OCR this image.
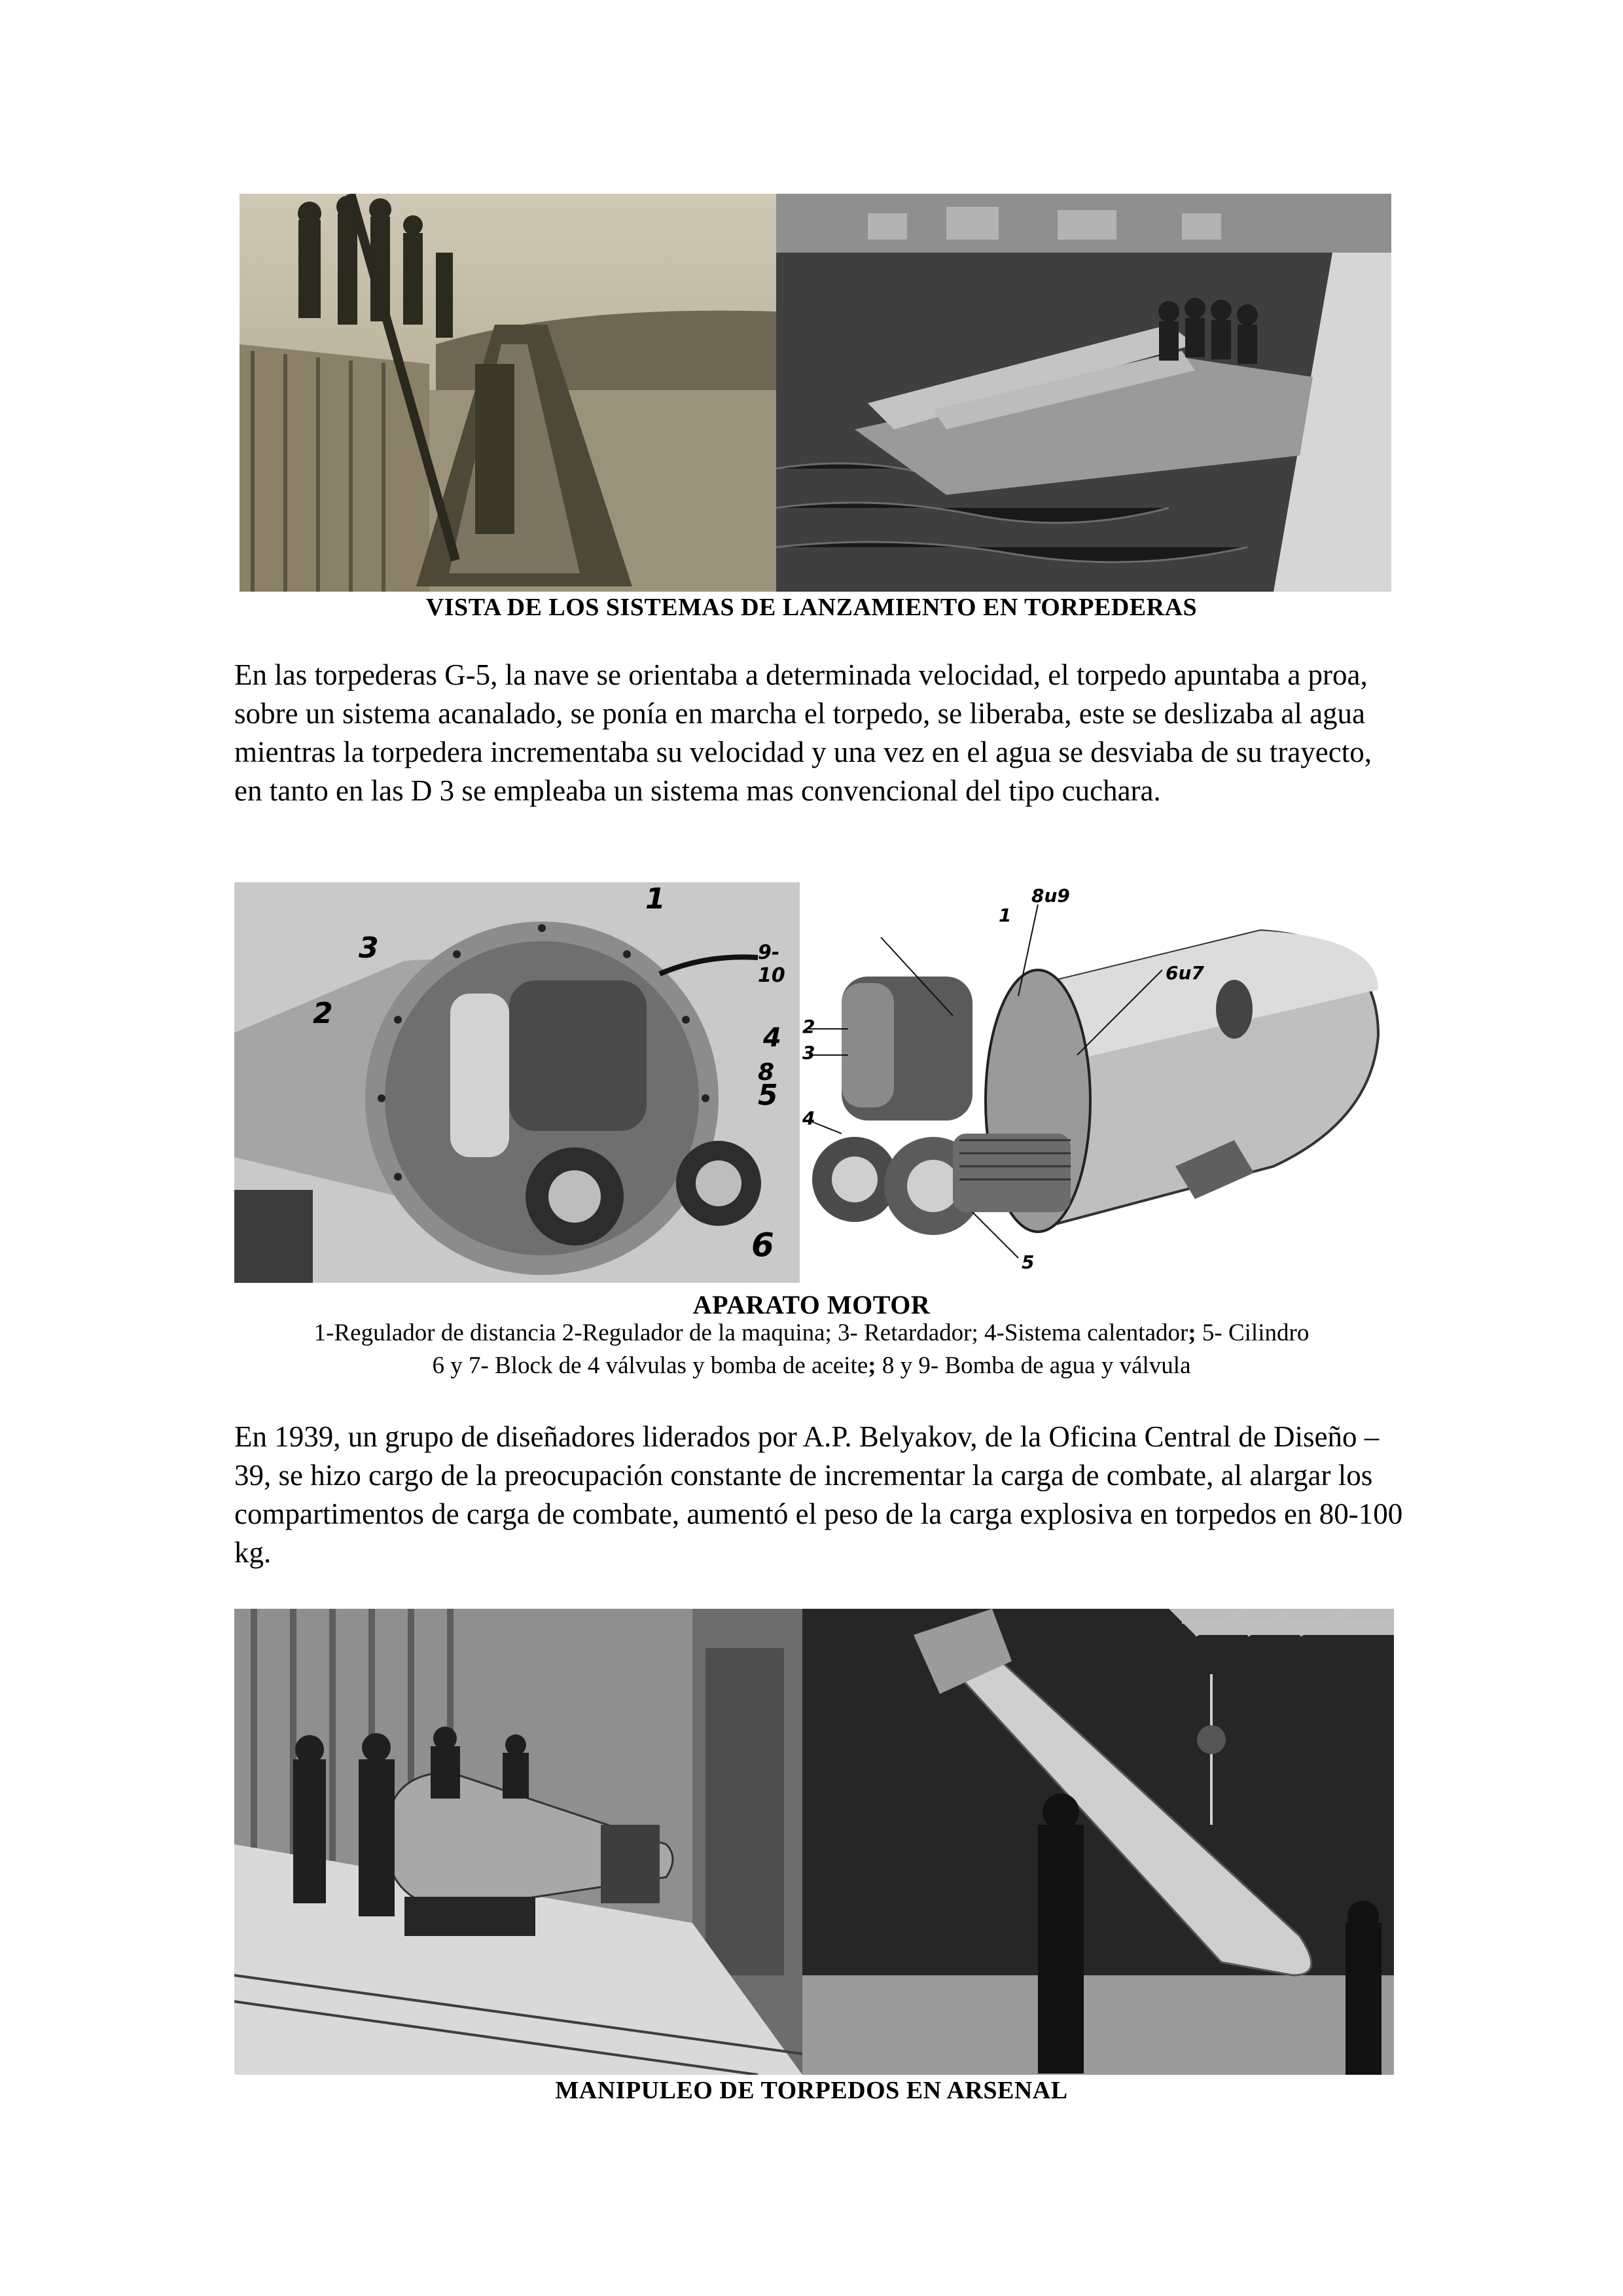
VISTA DE LOS SISTEMAS DE LANZAMIENTO EN TORPEDERAS

En las torpederas G-5, la nave se orientaba a determinada velocidad, el torpedo apuntaba a proa, sobre un sistema acanalado, se ponía en marcha el torpedo, se liberaba, este se deslizaba al agua mientras la torpedera incrementaba su velocidad y una vez en el agua se desviaba de su trayecto, en tanto en las D 3 se empleaba un sistema mas convencional del tipo cuchara.

1
9-10
3
2
4
8
5
6
1
8u9
6u7
2
3
4
5
APARATO MOTOR
1-Regulador de distancia 2-Regulador de la maquina; 3- Retardador; 4-Sistema calentador; 5- Cilindro
6 y 7- Block de 4 válvulas y bomba de aceite; 8 y 9- Bomba de agua y válvula

En 1939, un grupo de diseñadores liderados por A.P. Belyakov, de la Oficina Central de Diseño – 39, se hizo cargo de la preocupación constante de incrementar la carga de combate, al alargar los compartimentos de carga de combate, aumentó el peso de la carga explosiva en torpedos en 80-100 kg.

MANIPULEO DE TORPEDOS EN ARSENAL
